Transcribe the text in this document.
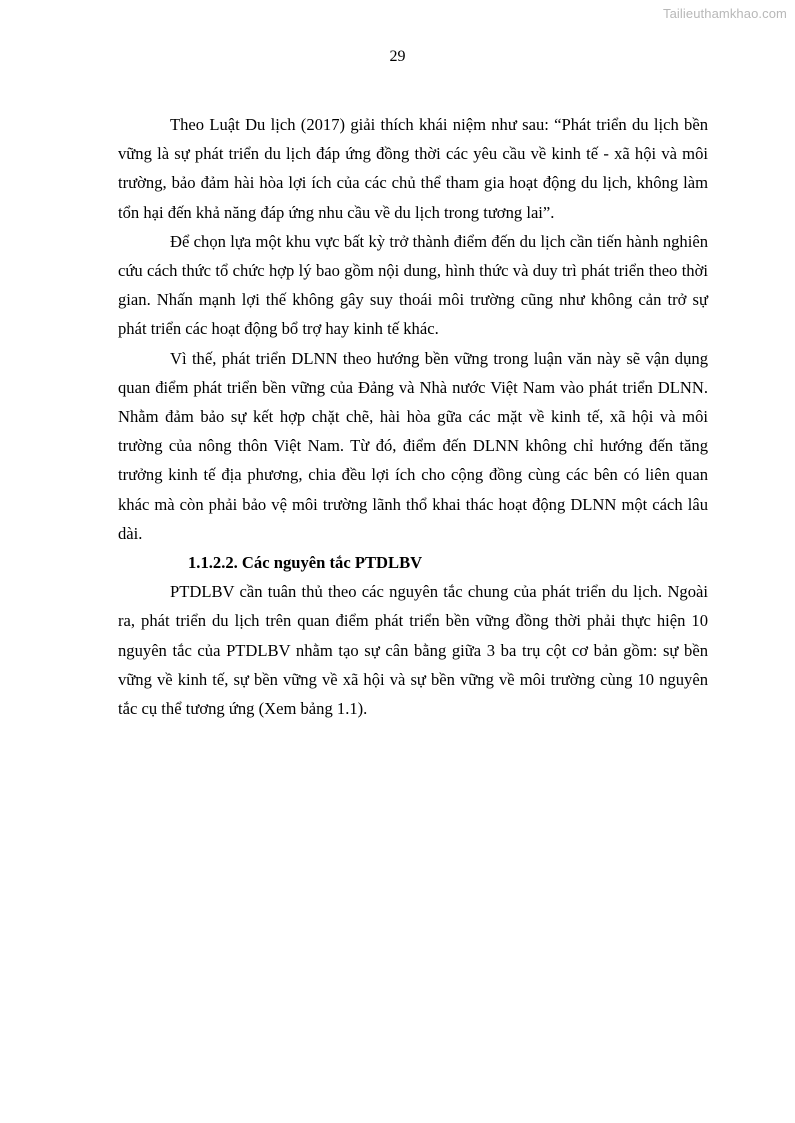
Tailieuthamkhao.com
29

Theo Luật Du lịch (2017) giải thích khái niệm như sau: “Phát triển du lịch bền vững là sự phát triển du lịch đáp ứng đồng thời các yêu cầu về kinh tế - xã hội và môi trường, bảo đảm hài hòa lợi ích của các chủ thể tham gia hoạt động du lịch, không làm tổn hại đến khả năng đáp ứng nhu cầu về du lịch trong tương lai”.

Để chọn lựa một khu vực bất kỳ trở thành điểm đến du lịch cần tiến hành nghiên cứu cách thức tổ chức hợp lý bao gồm nội dung, hình thức và duy trì phát triển theo thời gian. Nhấn mạnh lợi thế không gây suy thoái môi trường cũng như không cản trở sự phát triển các hoạt động bổ trợ hay kinh tế khác.

Vì thế, phát triển DLNN theo hướng bền vững trong luận văn này sẽ vận dụng quan điểm phát triển bền vững của Đảng và Nhà nước Việt Nam vào phát triển DLNN. Nhằm đảm bảo sự kết hợp chặt chẽ, hài hòa gữa các mặt về kinh tế, xã hội và môi trường của nông thôn Việt Nam. Từ đó, điểm đến DLNN không chỉ hướng đến tăng trưởng kinh tế địa phương, chia đều lợi ích cho cộng đồng cùng các bên có liên quan khác mà còn phải bảo vệ môi trường lãnh thổ khai thác hoạt động DLNN một cách lâu dài.

1.1.2.2. Các nguyên tắc PTDLBV

PTDLBV cần tuân thủ theo các nguyên tắc chung của phát triển du lịch. Ngoài ra, phát triển du lịch trên quan điểm phát triển bền vững đồng thời phải thực hiện 10 nguyên tắc của PTDLBV nhằm tạo sự cân bằng giữa 3 ba trụ cột cơ bản gồm: sự bền vững về kinh tế, sự bền vững về xã hội và sự bền vững về môi trường cùng 10 nguyên tắc cụ thể tương ứng (Xem bảng 1.1).
